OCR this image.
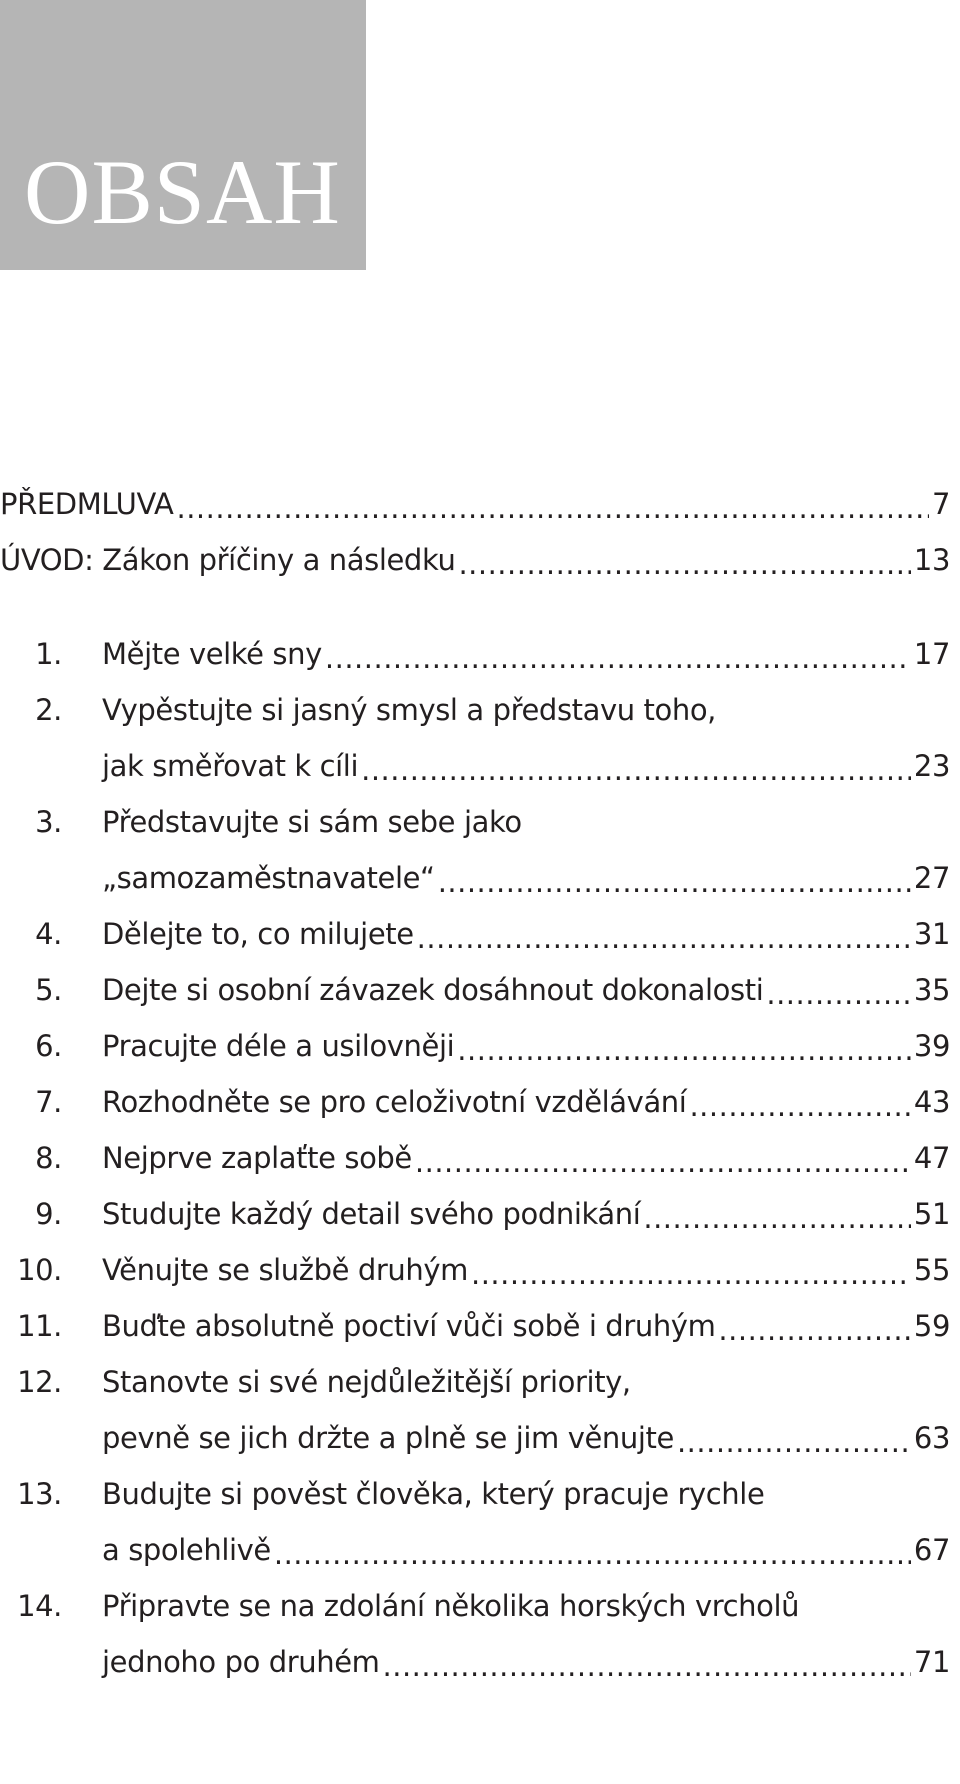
OBSAH
PŘEDMLUVA .....	7
ÚVOD: Zákon příčiny a následku .....	13
1. Mějte velké sny .....	17
2. Vypěstujte si jasný smysl a představu toho,
jak směřovat k cíli .....	23
3. Představujte si sám sebe jako
„samozaměstnavatele“ .....	27
4. Dělejte to, co milujete .....	31
5. Dejte si osobní závazek dosáhnout dokonalosti .....	35
6. Pracujte déle a usilovněji .....	39
7. Rozhodněte se pro celoživotní vzdělávání .....	43
8. Nejprve zaplaťte sobě .....	47
9. Studujte každý detail svého podnikání .....	51
10. Věnujte se službě druhým .....	55
11. Buďte absolutně poctiví vůči sobě i druhým .....	59
12. Stanovte si své nejdůležitější priority,
pevně se jich držte a plně se jim věnujte .....	63
13. Budujte si pověst člověka, který pracuje rychle
a spolehlivě .....	67
14. Připravte se na zdolání několika horských vrcholů
jednoho po druhém .....	71
